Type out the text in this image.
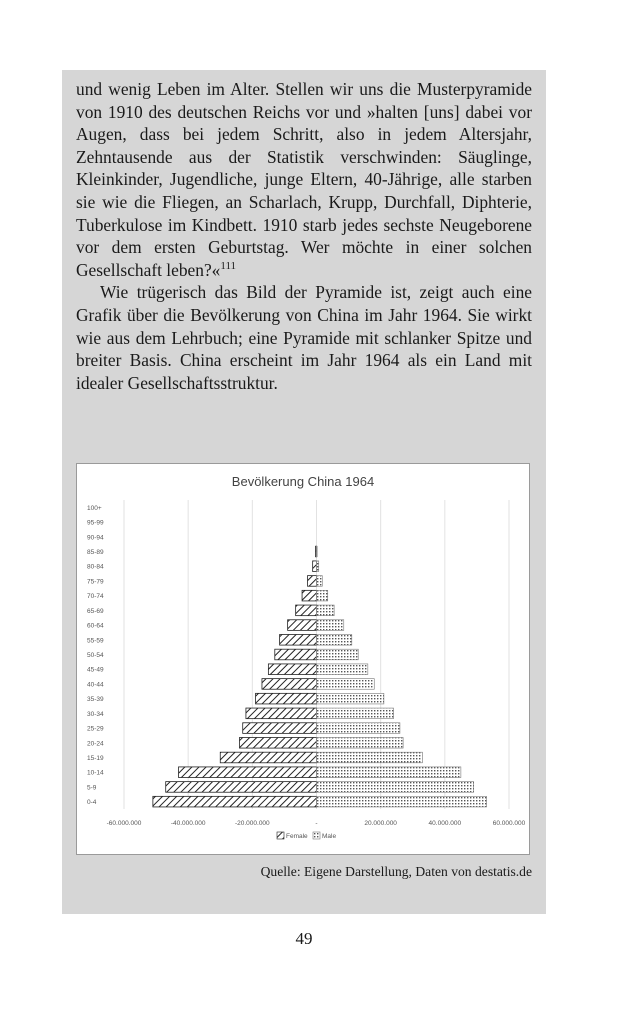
und wenig Leben im Alter. Stellen wir uns die Musterpyramide von 1910 des deutschen Reichs vor und »halten [uns] dabei vor Augen, dass bei jedem Schritt, also in jedem Altersjahr, Zehntausende aus der Statistik verschwinden: Säuglinge, Kleinkinder, Jugendliche, junge Eltern, 40-Jährige, alle starben sie wie die Fliegen, an Scharlach, Krupp, Durchfall, Diphterie, Tuberkulose im Kindbett. 1910 starb jedes sechste Neugeborene vor dem ersten Geburtstag. Wer möchte in einer solchen Gesellschaft leben?«$^{111}$

Wie trügerisch das Bild der Pyramide ist, zeigt auch eine Grafik über die Bevölkerung von China im Jahr 1964. Sie wirkt wie aus dem Lehrbuch; eine Pyramide mit schlanker Spitze und breiter Basis. China erscheint im Jahr 1964 als ein Land mit idealer Gesellschaftsstruktur.

Bevölkerung China 1964
-60.000.000	-40.000.000	-20.000.000	-	20.000.000	40.000.000	60.000.000
0-4
5-9
10-14
15-19
20-24
25-29
30-34
35-39
40-44
45-49
50-54
55-59
60-64
65-69
70-74
75-79
80-84
85-89
90-94
95-99
100+
Female Male
Quelle: Eigene Darstellung, Daten von destatis.de
49
